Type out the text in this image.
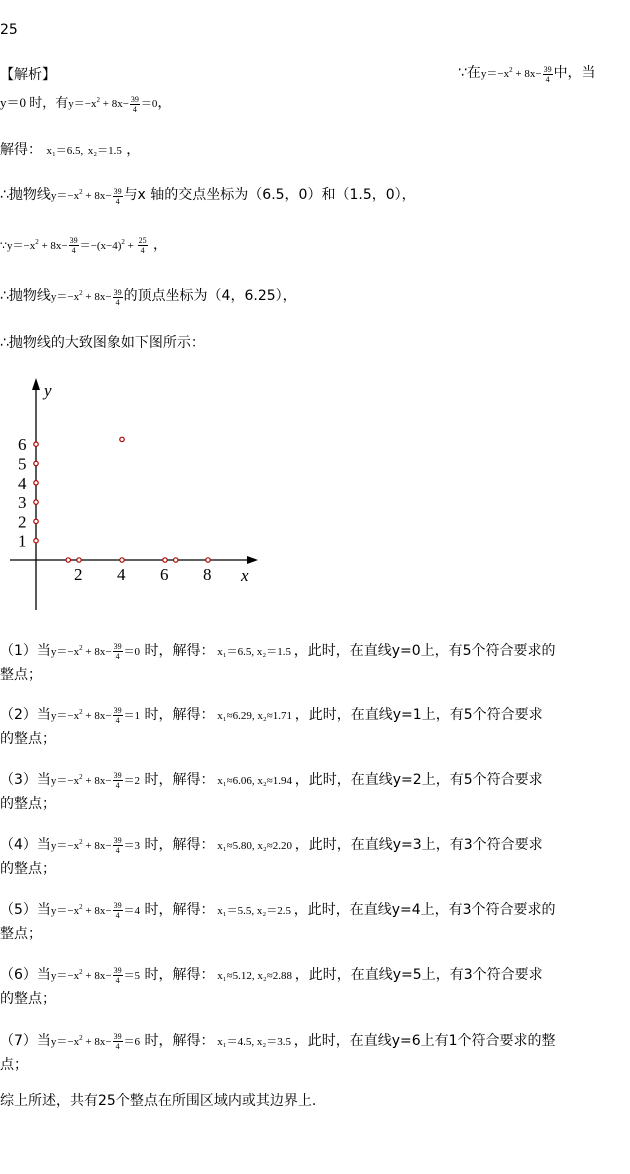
25
【解析】	∵在$y=-x^2 + 8x- \frac{39}{4}$ 中，当
y＝0 时，有$y=-x^2 + 8x- \frac{39}{4} =0$，
解得： x₁＝6.5, x₂＝1.5 ，
∴抛物线$y=-x^2 + 8x- \frac{39}{4}$ 与x 轴的交点坐标为（6.5，0）和（1.5，0），
$\because y=-x^2 + 8x- \frac{39}{4} =-(x-4)^2 + \frac{25}{4}$ ，
∴抛物线$y=-x^2 + 8x- \frac{39}{4}$ 的顶点坐标为（4，6.25），
∴抛物线的大致图象如下图所示：
x
y
2 4 6 8
1
2
3
4
5
6
（1）当$y=-x^2 + 8x- \frac{39}{4} =0$ 时，解得： x₁＝6.5, x₂＝1.5 ，此时，在直线y=0上，有5个符合要求的
整点；
（2）当$y=-x^2 + 8x- \frac{39}{4} =1$ 时，解得： x₁≈6.29, x₂≈1.71 ，此时，在直线y=1上，有5个符合要求
的整点；
（3）当$y=-x^2 + 8x- \frac{39}{4} =2$ 时，解得： x₁≈6.06, x₂≈1.94 ，此时，在直线y=2上，有5个符合要求
的整点；
（4）当$y=-x^2 + 8x- \frac{39}{4} =3$ 时，解得： x₁≈5.80, x₂≈2.20 ，此时，在直线y=3上，有3个符合要求
的整点；
（5）当$y=-x^2 + 8x- \frac{39}{4} =4$ 时，解得： x₁＝5.5, x₂＝2.5 ，此时，在直线y=4上，有3个符合要求的
整点；
（6）当$y=-x^2 + 8x- \frac{39}{4} =5$ 时，解得： x₁≈5.12, x₂≈2.88 ，此时，在直线y=5上，有3个符合要求
的整点；
（7）当$y=-x^2 + 8x- \frac{39}{4} =6$ 时，解得： x₁＝4.5, x₂＝3.5 ，此时，在直线y=6上有1个符合要求的整
点；
综上所述，共有25个整点在所围区域内或其边界上.
